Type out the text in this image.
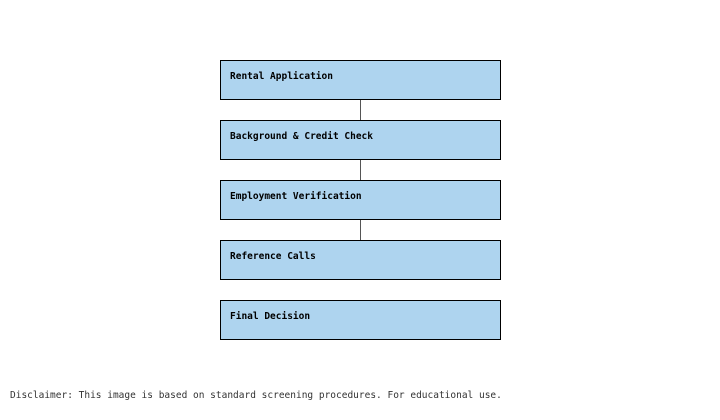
Rental Application
Background & Credit Check
Employment Verification
Reference Calls
Final Decision
Disclaimer: This image is based on standard screening procedures. For educational use.
